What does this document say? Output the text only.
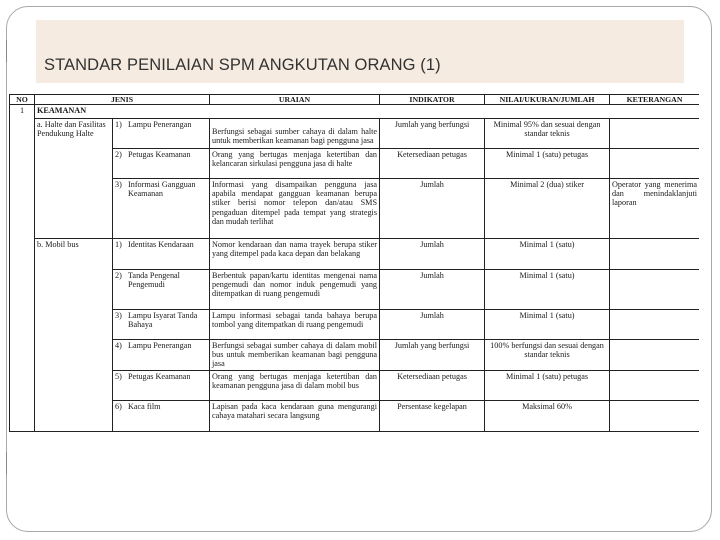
STANDAR PENILAIAN SPM ANGKUTAN ORANG (1)
NO	JENIS		URAIAN	INDIKATOR	NILAI/UKURAN/JUMLAH	KETERANGAN
1	KEAMANAN					
	a. Halte dan Fasilitas Pendukung Halte	1) Lampu Penerangan	Berfungsi sebagai sumber cahaya di dalam halte untuk memberikan keamanan bagi pengguna jasa	Jumlah yang berfungsi	Minimal 95% dan sesuai dengan standar teknis	

		2) Petugas Keamanan	Orang yang bertugas menjaga ketertiban dan kelancaran sirkulasi pengguna jasa di halte	Ketersediaan petugas	Minimal 1 (satu) petugas	

		3) Informasi Gangguan Keamanan	Informasi yang disampaikan pengguna jasa apabila mendapat gangguan keamanan berupa stiker berisi nomor telepon dan/atau SMS pengaduan ditempel pada tempat yang strategis dan mudah terlihat	Jumlah	Minimal 2 (dua) stiker	Operator yang menerima dan menindaklanjuti laporan
	b. Mobil bus	1) Identitas Kendaraan	Nomor kendaraan dan nama trayek berupa stiker yang ditempel pada kaca depan dan belakang	Jumlah	Minimal 1 (satu)	

		2) Tanda Pengenal Pengemudi	Berbentuk papan/kartu identitas mengenai nama pengemudi dan nomor induk pengemudi yang ditempatkan di ruang pengemudi	Jumlah	Minimal 1 (satu)	

		3) Lampu Isyarat Tanda Bahaya	Lampu informasi sebagai tanda bahaya berupa tombol yang ditempatkan di ruang pengemudi	Jumlah	Minimal 1 (satu)	

		4) Lampu Penerangan	Berfungsi sebagai sumber cahaya di dalam mobil bus untuk memberikan keamanan bagi pengguna jasa	Jumlah yang berfungsi	100% berfungsi dan sesuai dengan standar teknis	

		5) Petugas Keamanan	Orang yang bertugas menjaga ketertiban dan keamanan pengguna jasa di dalam mobil bus	Ketersediaan petugas	Minimal 1 (satu) petugas	

		6) Kaca film	Lapisan pada kaca kendaraan guna mengurangi cahaya matahari secara langsung	Persentase kegelapan	Maksimal 60%	
